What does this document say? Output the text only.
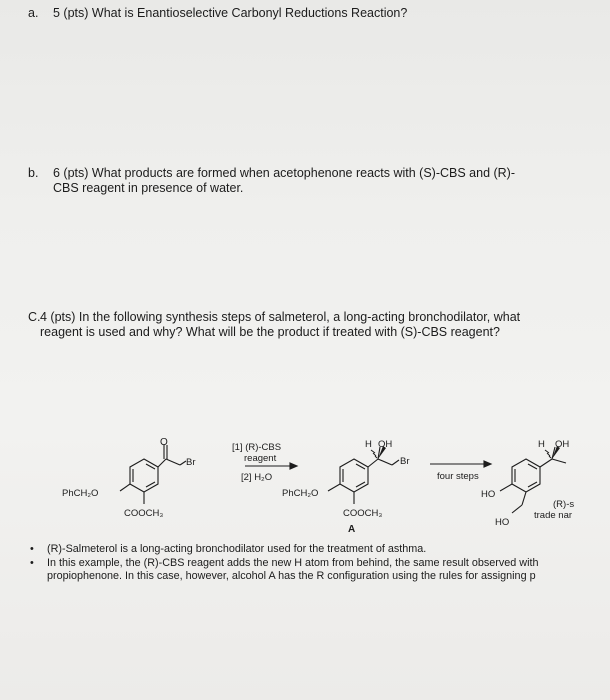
a. 5 (pts) What is Enantioselective Carbonyl Reductions Reaction?
b. 6 (pts) What products are formed when acetophenone reacts with (S)-CBS and (R)-CBS reagent in presence of water.
C. 4 (pts) In the following synthesis steps of salmeterol, a long-acting bronchodilator, what reagent is used and why? What will be the product if treated with (S)-CBS reagent?
O
Br
PhCH₂O
COOCH₃
[1] (R)-CBS
reagent
[2] H₂O
H OH
Br
PhCH₂O
COOCH₃
A
four steps
H OH
HO
HO
(R)-s
trade nar
• (R)-Salmeterol is a long-acting bronchodilator used for the treatment of asthma.
• In this example, the (R)-CBS reagent adds the new H atom from behind, the same result observed with propiophenone. In this case, however, alcohol A has the R configuration using the rules for assigning p
